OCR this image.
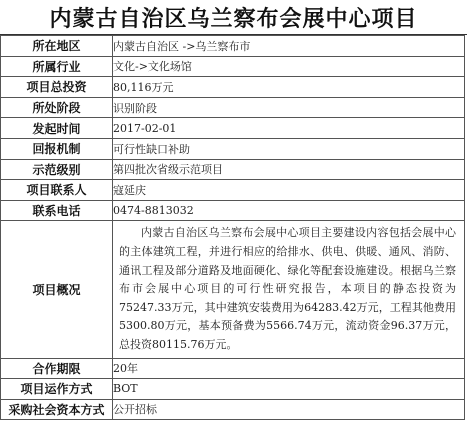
内蒙古自治区乌兰察布会展中心项目
所在地区	内蒙古自治区 ->乌兰察布市
所属行业	文化->文化场馆
项目总投资	80,116万元
所处阶段	识别阶段
发起时间	2017-02-01
回报机制	可行性缺口补助
示范级别	第四批次省级示范项目
项目联系人	寇延庆
联系电话	0474-8813032
项目概况	内蒙古自治区乌兰察布会展中心项目主要建设内容包括会展中心的主体建筑工程，并进行相应的给排水、供电、供暖、通风、消防、通讯工程及部分道路及地面硬化、绿化等配套设施建设。根据乌兰察布市会展中心项目的可行性研究报告，本项目的静态投资为75247.33万元，其中建筑安装费用为64283.42万元，工程其他费用5300.80万元，基本预备费为5566.74万元，流动资金96.37万元，总投资80115.76万元。

合作期限	20年
项目运作方式	BOT
采购社会资本方式	公开招标
